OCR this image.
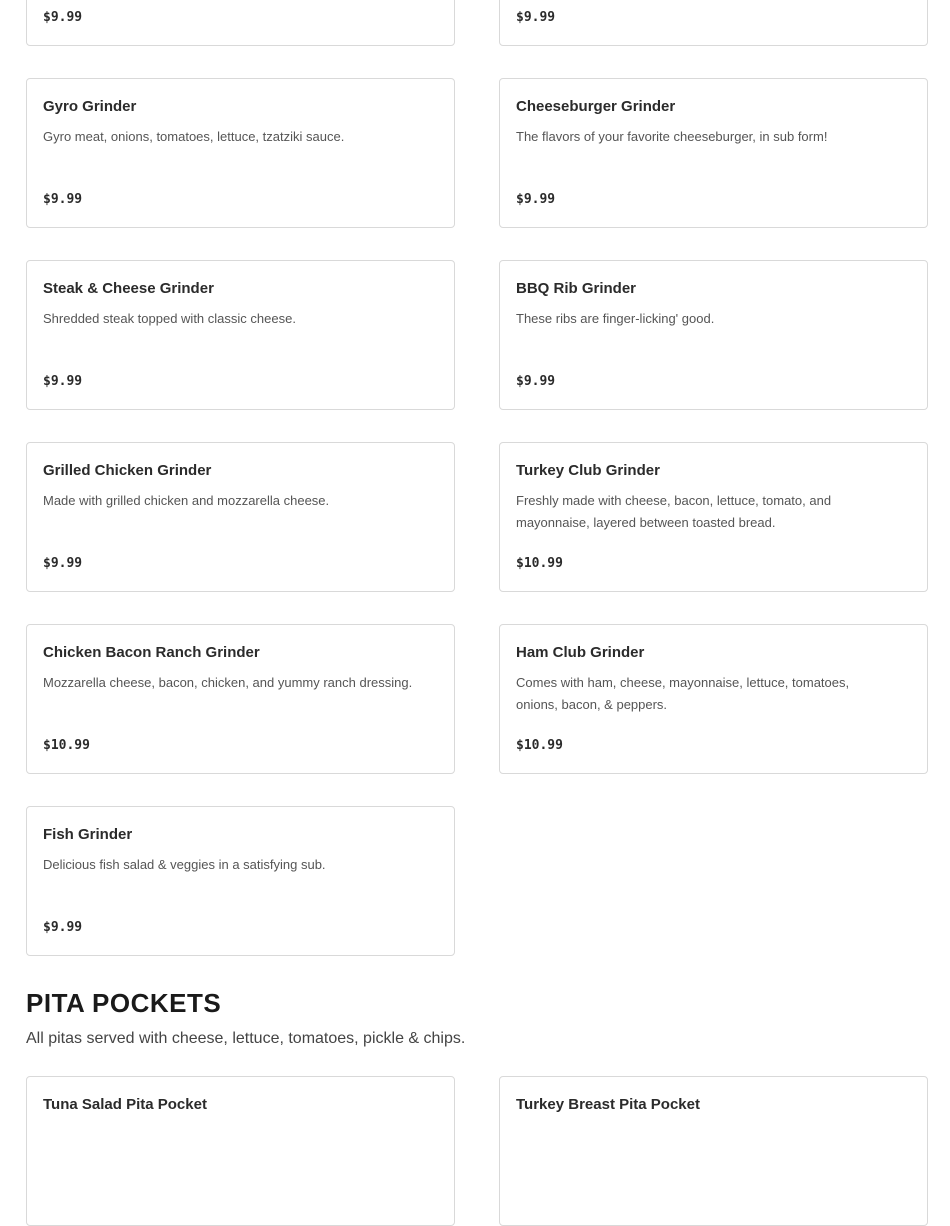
$9.99	$9.99
Gyro Grinder
Gyro meat, onions, tomatoes, lettuce, tzatziki sauce.
$9.99
Cheeseburger Grinder
The flavors of your favorite cheeseburger, in sub form!
$9.99
Steak & Cheese Grinder
Shredded steak topped with classic cheese.
$9.99
BBQ Rib Grinder
These ribs are finger-licking' good.
$9.99
Grilled Chicken Grinder
Made with grilled chicken and mozzarella cheese.
$9.99
Turkey Club Grinder
Freshly made with cheese, bacon, lettuce, tomato, and mayonnaise, layered between toasted bread.
$10.99
Chicken Bacon Ranch Grinder
Mozzarella cheese, bacon, chicken, and yummy ranch dressing.
$10.99
Ham Club Grinder
Comes with ham, cheese, mayonnaise, lettuce, tomatoes, onions, bacon, & peppers.
$10.99
Fish Grinder
Delicious fish salad & veggies in a satisfying sub.
$9.99
PITA POCKETS

All pitas served with cheese, lettuce, tomatoes, pickle & chips.

Tuna Salad Pita Pocket	Turkey Breast Pita Pocket
